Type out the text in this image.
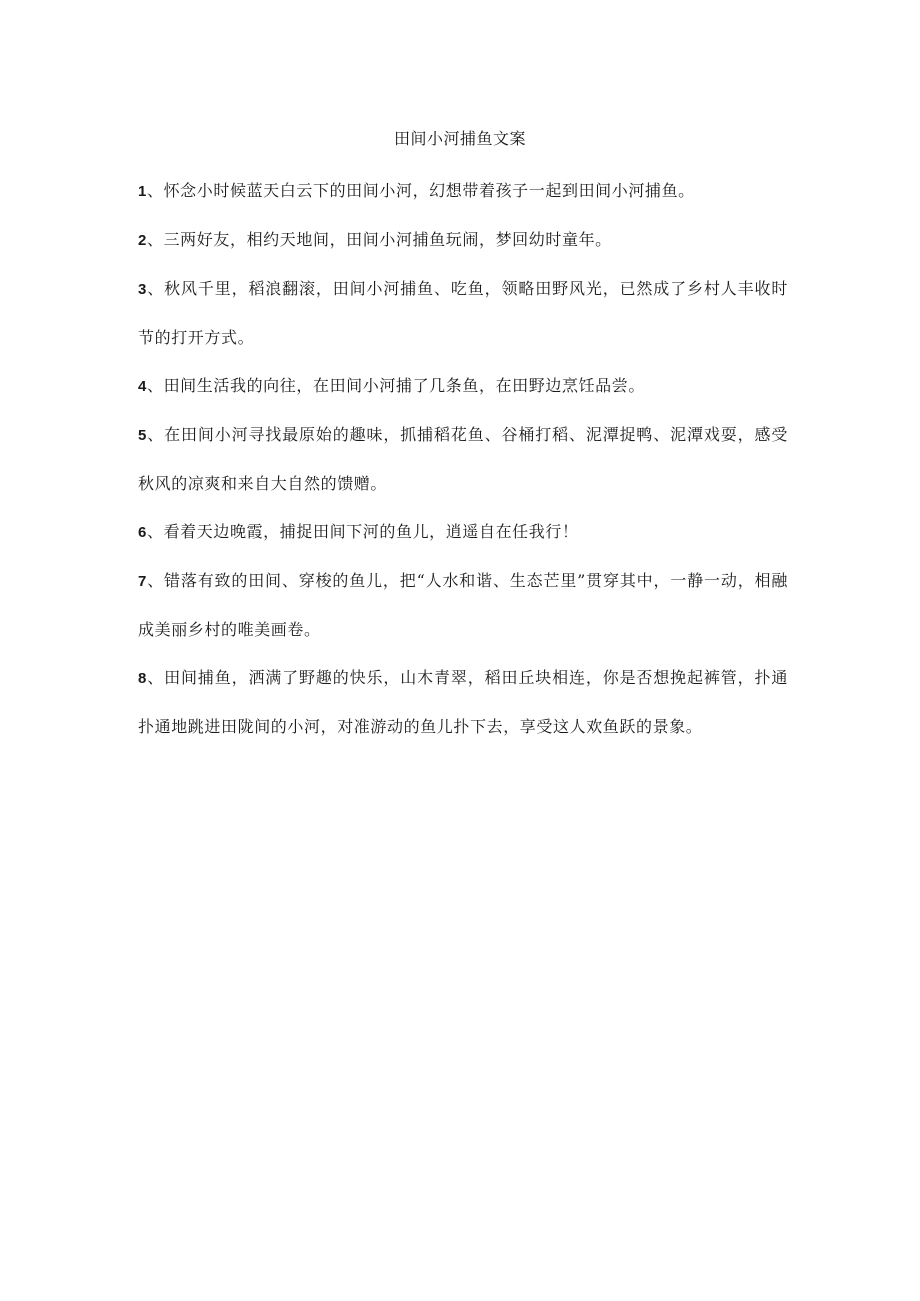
田间小河捕鱼文案
1、怀念小时候蓝天白云下的田间小河，幻想带着孩子一起到田间小河捕鱼。
2、三两好友，相约天地间，田间小河捕鱼玩闹，梦回幼时童年。
3、秋风千里，稻浪翻滚，田间小河捕鱼、吃鱼，领略田野风光，已然成了乡村人丰收时节的打开方式。
4、田间生活我的向往，在田间小河捕了几条鱼，在田野边烹饪品尝。
5、在田间小河寻找最原始的趣味，抓捕稻花鱼、谷桶打稻、泥潭捉鸭、泥潭戏耍，感受秋风的凉爽和来自大自然的馈赠。
6、看着天边晚霞，捕捉田间下河的鱼儿，逍遥自在任我行！
7、错落有致的田间、穿梭的鱼儿，把“人水和谐、生态芒里”贯穿其中，一静一动，相融成美丽乡村的唯美画卷。
8、田间捕鱼，洒满了野趣的快乐，山木青翠，稻田丘块相连，你是否想挽起裤管，扑通扑通地跳进田陇间的小河，对准游动的鱼儿扑下去，享受这人欢鱼跃的景象。
